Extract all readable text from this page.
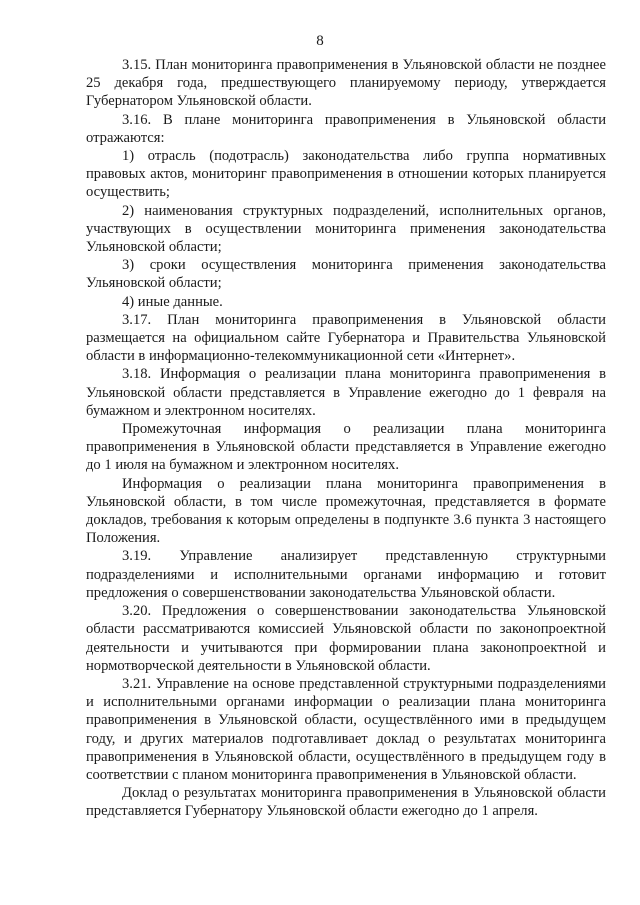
8

3.15. План мониторинга правоприменения в Ульяновской области не позднее 25 декабря года, предшествующего планируемому периоду, утверждается Губернатором Ульяновской области.

3.16. В плане мониторинга правоприменения в Ульяновской области отражаются:

1) отрасль (подотрасль) законодательства либо группа нормативных правовых актов, мониторинг правоприменения в отношении которых планируется осуществить;

2) наименования структурных подразделений, исполнительных органов, участвующих в осуществлении мониторинга применения законодательства Ульяновской области;

3) сроки осуществления мониторинга применения законодательства Ульяновской области;

4) иные данные.

3.17. План мониторинга правоприменения в Ульяновской области размещается на официальном сайте Губернатора и Правительства Ульяновской области в информационно-телекоммуникационной сети «Интернет».

3.18. Информация о реализации плана мониторинга правоприменения в Ульяновской области представляется в Управление ежегодно до 1 февраля на бумажном и электронном носителях.

Промежуточная информация о реализации плана мониторинга правоприменения в Ульяновской области представляется в Управление ежегодно до 1 июля на бумажном и электронном носителях.

Информация о реализации плана мониторинга правоприменения в Ульяновской области, в том числе промежуточная, представляется в формате докладов, требования к которым определены в подпункте 3.6 пункта 3 настоящего Положения.

3.19. Управление анализирует представленную структурными подразделениями и исполнительными органами информацию и готовит предложения о совершенствовании законодательства Ульяновской области.

3.20. Предложения о совершенствовании законодательства Ульяновской области рассматриваются комиссией Ульяновской области по законопроектной деятельности и учитываются при формировании плана законопроектной и нормотворческой деятельности в Ульяновской области.

3.21. Управление на основе представленной структурными подразделениями и исполнительными органами информации о реализации плана мониторинга правоприменения в Ульяновской области, осуществлённого ими в предыдущем году, и других материалов подготавливает доклад о результатах мониторинга правоприменения в Ульяновской области, осуществлённого в предыдущем году в соответствии с планом мониторинга правоприменения в Ульяновской области.

Доклад о результатах мониторинга правоприменения в Ульяновской области представляется Губернатору Ульяновской области ежегодно до 1 апреля.
